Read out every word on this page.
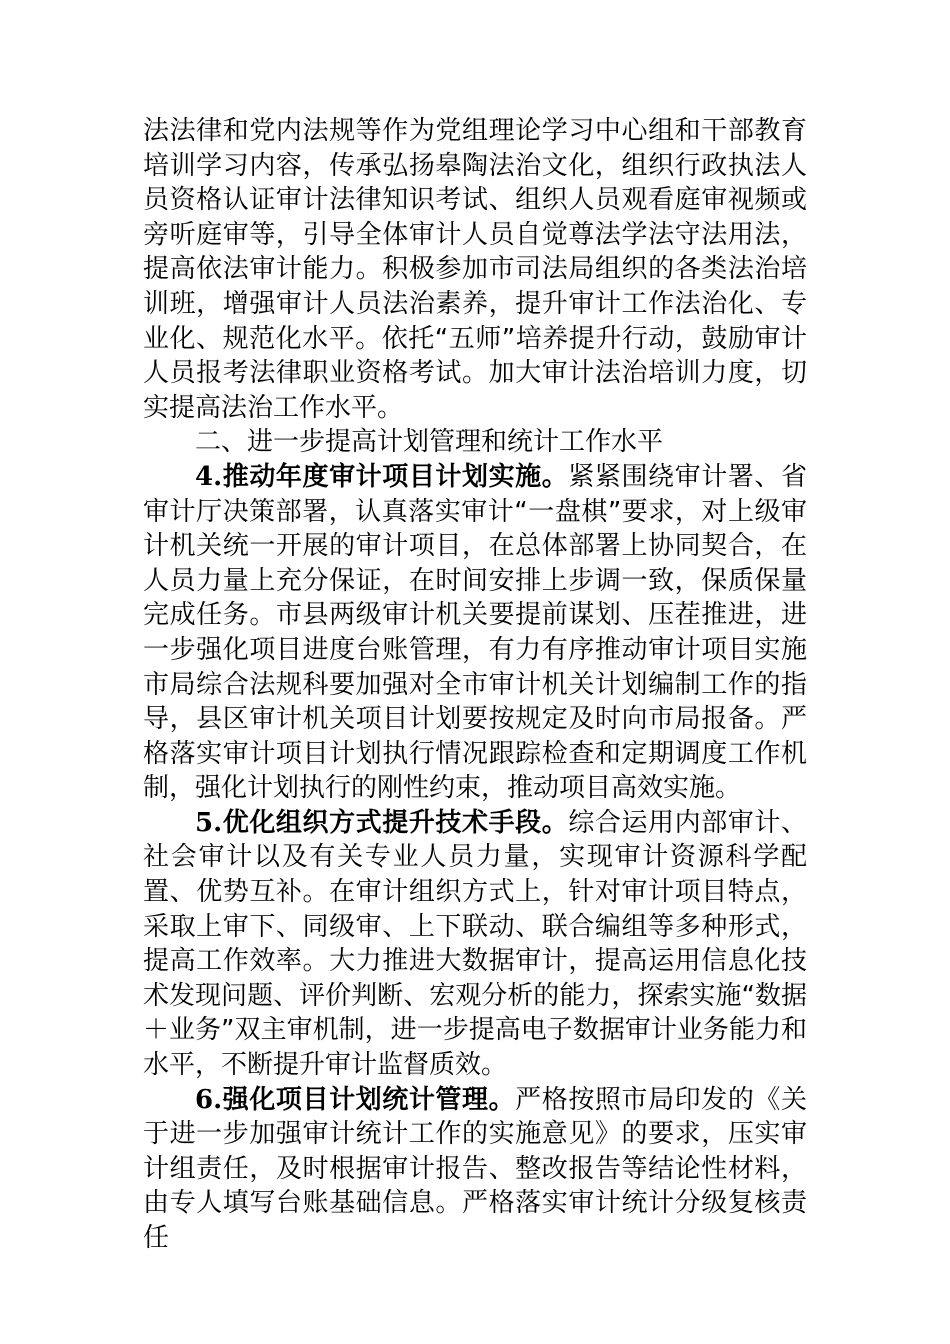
法法律和党内法规等作为党组理论学习中心组和干部教育培训学习内容，传承弘扬皋陶法治文化，组织行政执法人员资格认证审计法律知识考试、组织人员观看庭审视频或旁听庭审等，引导全体审计人员自觉尊法学法守法用法，提高依法审计能力。积极参加市司法局组织的各类法治培训班，增强审计人员法治素养，提升审计工作法治化、专业化、规范化水平。依托“五师”培养提升行动，鼓励审计人员报考法律职业资格考试。加大审计法治培训力度，切实提高法治工作水平。

二、进一步提高计划管理和统计工作水平

4.推动年度审计项目计划实施。紧紧围绕审计署、省审计厅决策部署，认真落实审计“一盘棋”要求，对上级审计机关统一开展的审计项目，在总体部署上协同契合，在人员力量上充分保证，在时间安排上步调一致，保质保量完成任务。市县两级审计机关要提前谋划、压茬推进，进一步强化项目进度台账管理，有力有序推动审计项目实施市局综合法规科要加强对全市审计机关计划编制工作的指导，县区审计机关项目计划要按规定及时向市局报备。严格落实审计项目计划执行情况跟踪检查和定期调度工作机制，强化计划执行的刚性约束，推动项目高效实施。

5.优化组织方式提升技术手段。综合运用内部审计、社会审计以及有关专业人员力量，实现审计资源科学配置、优势互补。在审计组织方式上，针对审计项目特点，采取上审下、同级审、上下联动、联合编组等多种形式，提高工作效率。大力推进大数据审计，提高运用信息化技术发现问题、评价判断、宏观分析的能力，探索实施“数据＋业务”双主审机制，进一步提高电子数据审计业务能力和水平，不断提升审计监督质效。

6.强化项目计划统计管理。严格按照市局印发的《关于进一步加强审计统计工作的实施意见》的要求，压实审计组责任，及时根据审计报告、整改报告等结论性材料，由专人填写台账基础信息。严格落实审计统计分级复核责任
